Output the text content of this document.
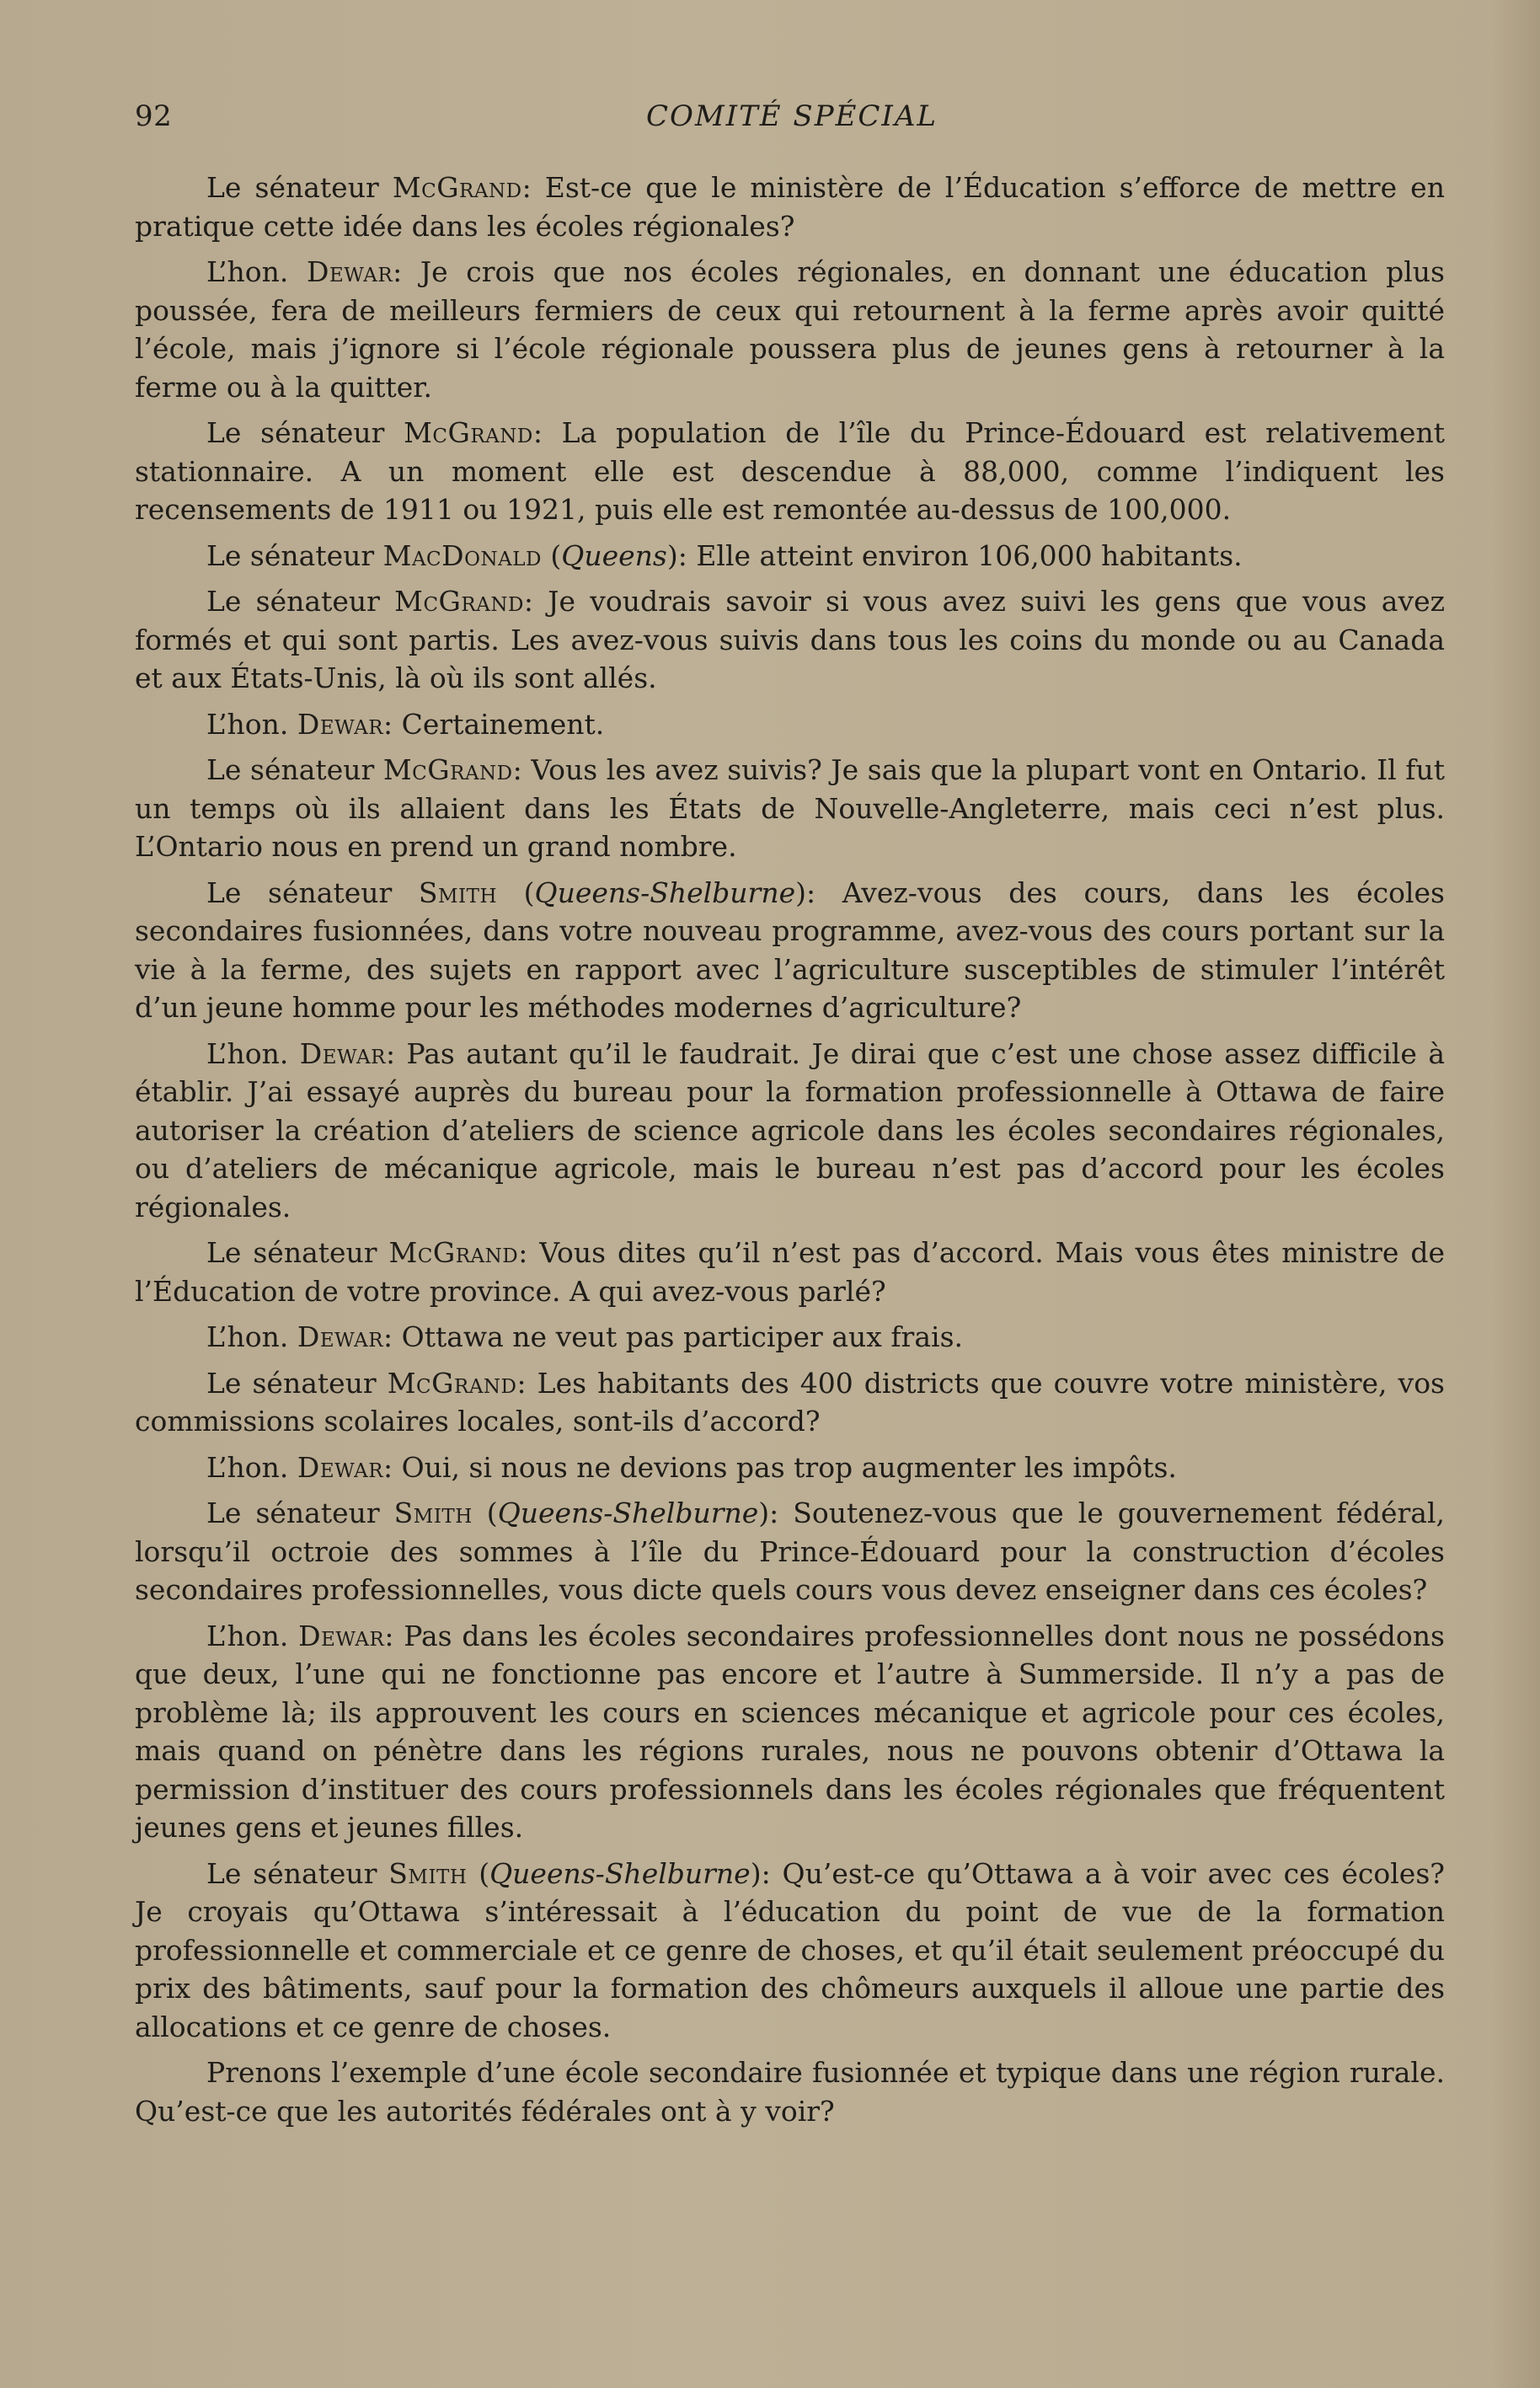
92	COMITÉ SPÉCIAL

Le sénateur McGrand: Est-ce que le ministère de l’Éducation s’efforce de mettre en pratique cette idée dans les écoles régionales?

L’hon. Dewar: Je crois que nos écoles régionales, en donnant une éducation plus poussée, fera de meilleurs fermiers de ceux qui retournent à la ferme après avoir quitté l’école, mais j’ignore si l’école régionale poussera plus de jeunes gens à retourner à la ferme ou à la quitter.

Le sénateur McGrand: La population de l’île du Prince-Édouard est relativement stationnaire. A un moment elle est descendue à 88,000, comme l’indiquent les recensements de 1911 ou 1921, puis elle est remontée au-dessus de 100,000.

Le sénateur MacDonald (Queens): Elle atteint environ 106,000 habitants.

Le sénateur McGrand: Je voudrais savoir si vous avez suivi les gens que vous avez formés et qui sont partis. Les avez-vous suivis dans tous les coins du monde ou au Canada et aux États-Unis, là où ils sont allés.

L’hon. Dewar: Certainement.

Le sénateur McGrand: Vous les avez suivis? Je sais que la plupart vont en Ontario. Il fut un temps où ils allaient dans les États de Nouvelle-Angleterre, mais ceci n’est plus. L’Ontario nous en prend un grand nombre.

Le sénateur Smith (Queens-Shelburne): Avez-vous des cours, dans les écoles secondaires fusionnées, dans votre nouveau programme, avez-vous des cours portant sur la vie à la ferme, des sujets en rapport avec l’agriculture susceptibles de stimuler l’intérêt d’un jeune homme pour les méthodes modernes d’agriculture?

L’hon. Dewar: Pas autant qu’il le faudrait. Je dirai que c’est une chose assez difficile à établir. J’ai essayé auprès du bureau pour la formation professionnelle à Ottawa de faire autoriser la création d’ateliers de science agricole dans les écoles secondaires régionales, ou d’ateliers de mécanique agricole, mais le bureau n’est pas d’accord pour les écoles régionales.

Le sénateur McGrand: Vous dites qu’il n’est pas d’accord. Mais vous êtes ministre de l’Éducation de votre province. A qui avez-vous parlé?

L’hon. Dewar: Ottawa ne veut pas participer aux frais.

Le sénateur McGrand: Les habitants des 400 districts que couvre votre ministère, vos commissions scolaires locales, sont-ils d’accord?

L’hon. Dewar: Oui, si nous ne devions pas trop augmenter les impôts.

Le sénateur Smith (Queens-Shelburne): Soutenez-vous que le gouvernement fédéral, lorsqu’il octroie des sommes à l’île du Prince-Édouard pour la construction d’écoles secondaires professionnelles, vous dicte quels cours vous devez enseigner dans ces écoles?

L’hon. Dewar: Pas dans les écoles secondaires professionnelles dont nous ne possédons que deux, l’une qui ne fonctionne pas encore et l’autre à Summerside. Il n’y a pas de problème là; ils approuvent les cours en sciences mécanique et agricole pour ces écoles, mais quand on pénètre dans les régions rurales, nous ne pouvons obtenir d’Ottawa la permission d’instituer des cours professionnels dans les écoles régionales que fréquentent jeunes gens et jeunes filles.

Le sénateur Smith (Queens-Shelburne): Qu’est-ce qu’Ottawa a à voir avec ces écoles? Je croyais qu’Ottawa s’intéressait à l’éducation du point de vue de la formation professionnelle et commerciale et ce genre de choses, et qu’il était seulement préoccupé du prix des bâtiments, sauf pour la formation des chômeurs auxquels il alloue une partie des allocations et ce genre de choses.

Prenons l’exemple d’une école secondaire fusionnée et typique dans une région rurale. Qu’est-ce que les autorités fédérales ont à y voir?
